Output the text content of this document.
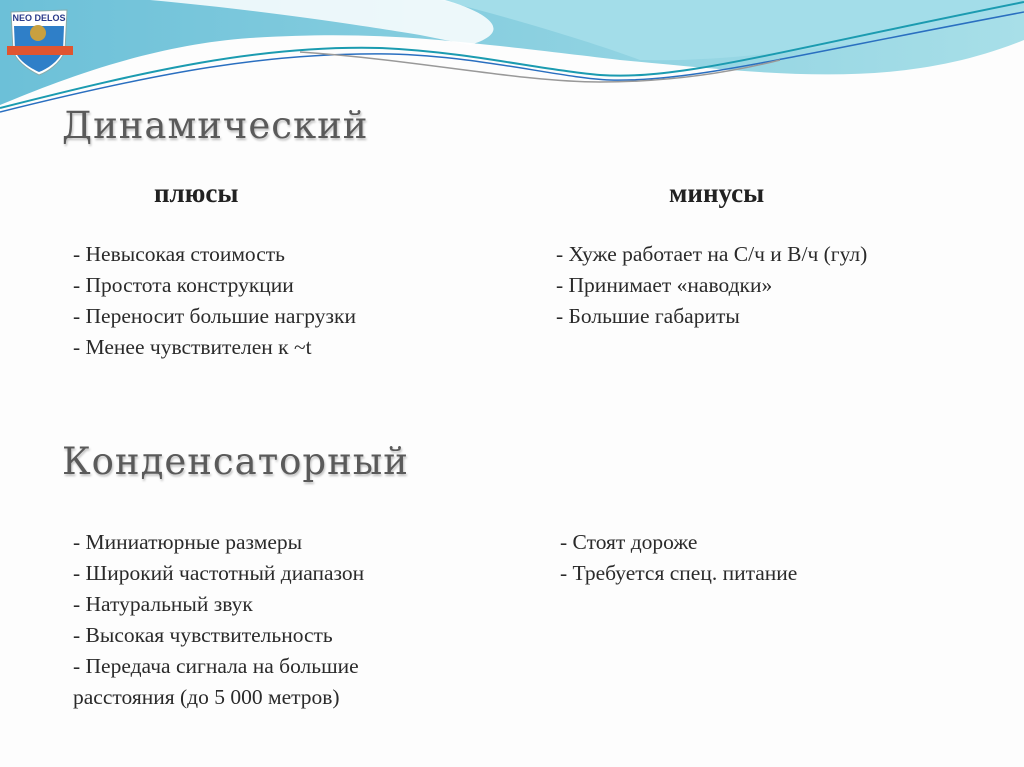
NEO DELOS
Динамический
плюсы	минусы
- Невысокая стоимость
- Простота конструкции
- Переносит большие нагрузки
- Менее чувствителен к ~t
- Хуже работает на С/ч и В/ч (гул)
- Принимает «наводки»
- Большие габариты
Конденсаторный
- Миниатюрные размеры
- Широкий частотный диапазон
- Натуральный звук
- Высокая чувствительность
- Передача сигнала на большие
расстояния (до 5 000 метров)
- Стоят дороже
- Требуется спец. питание
